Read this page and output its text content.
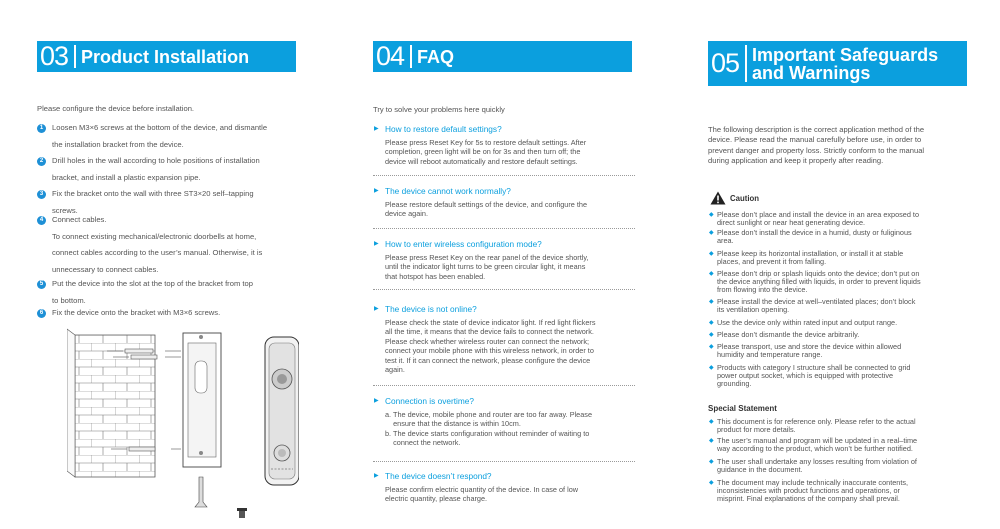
03 Product Installation
Please configure the device before installation.
1	Loosen M3×6 screws at the bottom of the device, and dismantle
the installation bracket from the device.
2	Drill holes in the wall according to hole positions of installation
bracket, and install a plastic expansion pipe.
3	Fix the bracket onto the wall with three ST3×20 self–tapping
screws.
4	Connect cables.
To connect existing mechanical/electronic doorbells at home,
connect cables according to the user’s manual. Otherwise, it is
unnecessary to connect cables.
5	Put the device into the slot at the top of the bracket from top
to bottom.
6	Fix the device onto the bracket with M3×6 screws.
04 FAQ
Try to solve your problems here quickly
▶ How to restore default settings?
Please press Reset Key for 5s to restore default settings. After
completion, green light will be on for 3s and then turn off; the
device will reboot automatically and restore default settings.
▶ The device cannot work normally?
Please restore default settings of the device, and configure the
device again.
▶ How to enter wireless configuration mode?
Please press Reset Key on the rear panel of the device shortly,
until the indicator light turns to be green circular light, it means
that hotspot has been enabled.
▶ The device is not online?
Please check the state of device indicator light. If red light flickers
all the time, it means that the device fails to connect the network.
Please check whether wireless router can connect the network;
connect your mobile phone with this wireless network, in order to
test it. If it can connect the network, please configure the device
again.
▶ Connection is overtime?
a. The device, mobile phone and router are too far away. Please
ensure that the distance is within 10cm.
b. The device starts configuration without reminder of waiting to
connect the network.
▶ The device doesn’t respond?
Please confirm electric quantity of the device. In case of low
electric quantity, please charge.
05 Important Safeguards
and Warnings
The following description is the correct application method of the
device. Please read the manual carefully before use, in order to
prevent danger and property loss. Strictly conform to the manual
during application and keep it properly after reading.
Caution
◆ Please don’t place and install the device in an area exposed to
direct sunlight or near heat generating device.
◆ Please don’t install the device in a humid, dusty or fuliginous
area.
◆ Please keep its horizontal installation, or install it at stable
places, and prevent it from falling.
◆ Please don’t drip or splash liquids onto the device; don’t put on
the device anything filled with liquids, in order to prevent liquids
from flowing into the device.
◆ Please install the device at well–ventilated places; don’t block
its ventilation opening.
◆ Use the device only within rated input and output range.
◆ Please don’t dismantle the device arbitrarily.
◆ Please transport, use and store the device within allowed
humidity and temperature range.
◆ Products with category I structure shall be connected to grid
power output socket, which is equipped with protective
grounding.
Special Statement
◆ This document is for reference only. Please refer to the actual
product for more details.
◆ The user’s manual and program will be updated in a real–time
way according to the product, which won’t be further notified.
◆ The user shall undertake any losses resulting from violation of
guidance in the document.
◆ The document may include technically inaccurate contents,
inconsistencies with product functions and operations, or
misprint. Final explanations of the company shall prevail.
